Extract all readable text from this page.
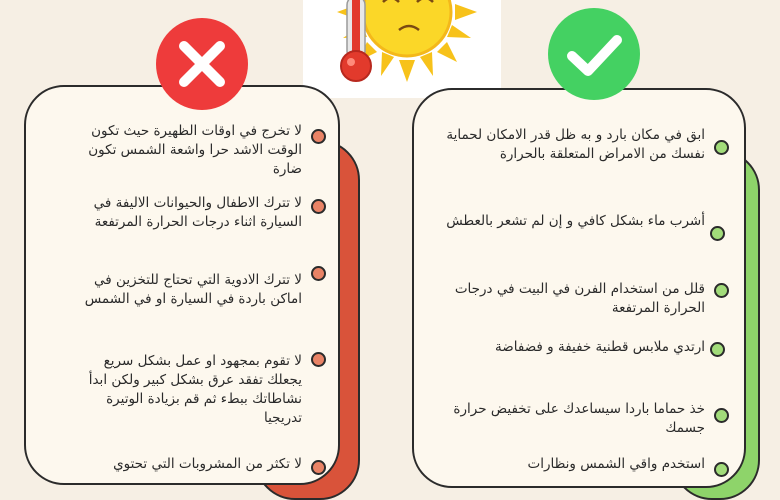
لا تخرج في اوقات الظهيرة حيث تكون الوقت الاشد حرا واشعة الشمس تكون ضارة
لا تترك الاطفال والحيوانات الاليفة في السيارة اثناء درجات الحرارة المرتفعة
لا تترك الادوية التي تحتاج للتخزين في اماكن باردة في السيارة او في الشمس
لا تقوم بمجهود او عمل بشكل سريع يجعلك تفقد عرق بشكل كبير ولكن ابدأ نشاطاتك ببطء ثم قم بزيادة الوتيرة تدريجيا
لا تكثر من المشروبات التي تحتوي
ابق في مكان بارد و به ظل قدر الامكان لحماية نفسك من الامراض المتعلقة بالحرارة
أشرب ماء بشكل كافي و إن لم تشعر بالعطش
قلل من استخدام الفرن في البيت في درجات الحرارة المرتفعة
ارتدي ملابس قطنية خفيفة و فضفاضة
خذ حماما باردا سيساعدك على تخفيض حرارة جسمك
استخدم واقي الشمس ونظارات
